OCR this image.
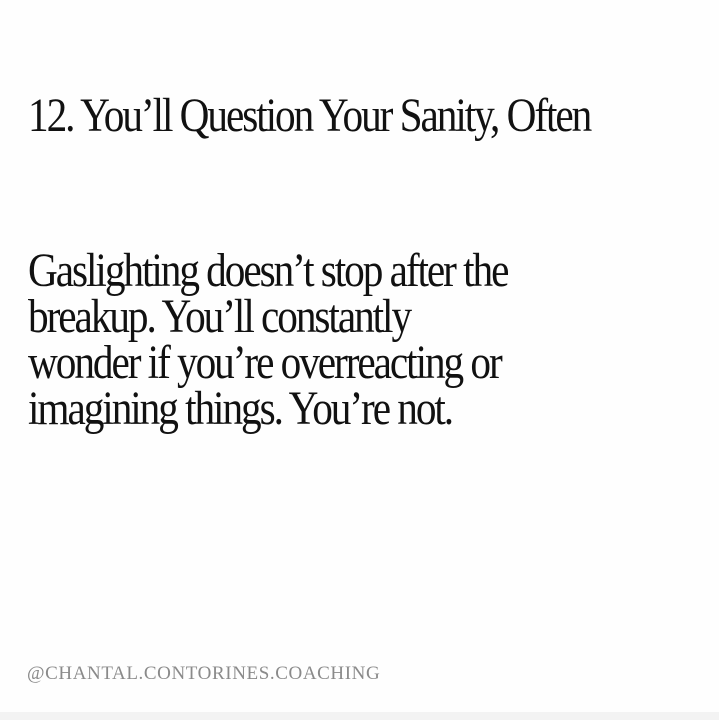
12. You’ll Question Your Sanity, Often

Gaslighting doesn’t stop after the
breakup. You’ll constantly
wonder if you’re overreacting or
imagining things. You’re not.

@CHANTAL.CONTORINES.COACHING
